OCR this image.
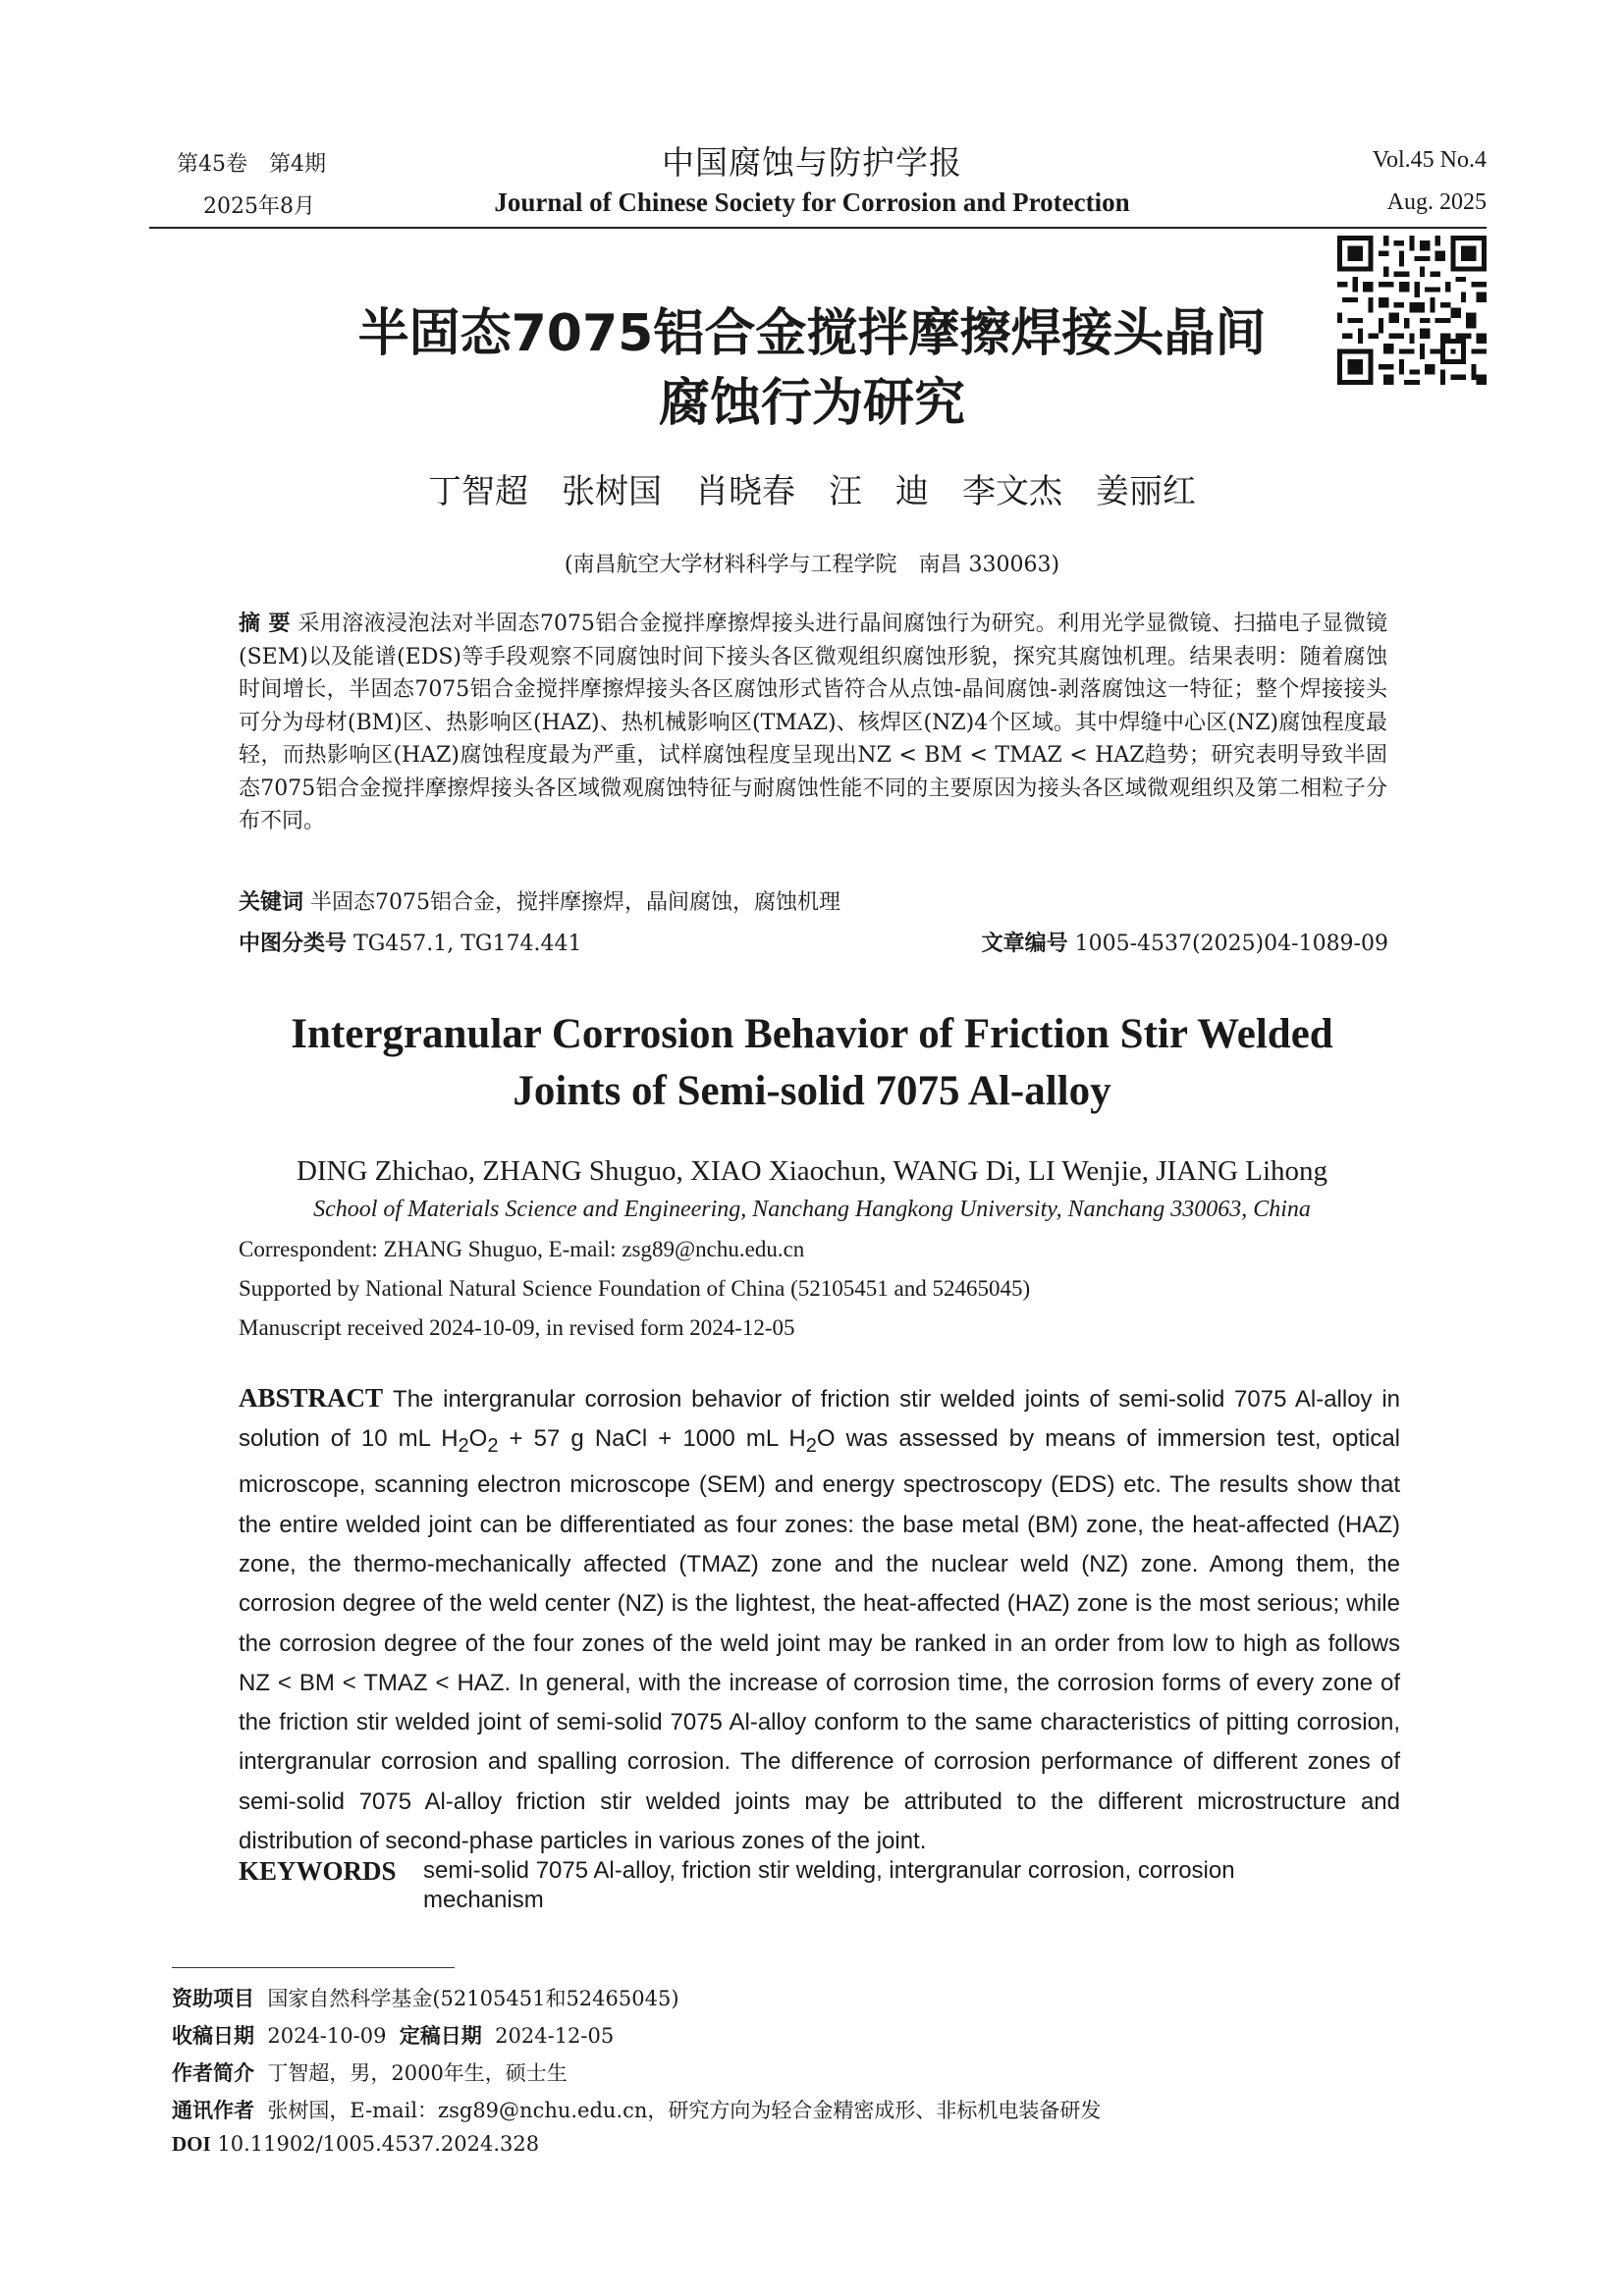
第45卷　第4期
2025年8月
中国腐蚀与防护学报
Journal of Chinese Society for Corrosion and Protection
Vol.45 No.4
Aug. 2025
半固态7075铝合金搅拌摩擦焊接头晶间
腐蚀行为研究
丁智超　张树国　肖晓春　汪　迪　李文杰　姜丽红
(南昌航空大学材料科学与工程学院　南昌 330063)
摘 要 采用溶液浸泡法对半固态7075铝合金搅拌摩擦焊接头进行晶间腐蚀行为研究。利用光学显微镜、扫描电子显微镜(SEM)以及能谱(EDS)等手段观察不同腐蚀时间下接头各区微观组织腐蚀形貌，探究其腐蚀机理。结果表明：随着腐蚀时间增长，半固态7075铝合金搅拌摩擦焊接头各区腐蚀形式皆符合从点蚀-晶间腐蚀-剥落腐蚀这一特征；整个焊接接头可分为母材(BM)区、热影响区(HAZ)、热机械影响区(TMAZ)、核焊区(NZ)4个区域。其中焊缝中心区(NZ)腐蚀程度最轻，而热影响区(HAZ)腐蚀程度最为严重，试样腐蚀程度呈现出NZ < BM < TMAZ < HAZ趋势；研究表明导致半固态7075铝合金搅拌摩擦焊接头各区域微观腐蚀特征与耐腐蚀性能不同的主要原因为接头各区域微观组织及第二相粒子分布不同。
关键词 半固态7075铝合金，搅拌摩擦焊，晶间腐蚀，腐蚀机理
中图分类号 TG457.1, TG174.441	文章编号 1005-4537(2025)04-1089-09
Intergranular Corrosion Behavior of Friction Stir Welded
Joints of Semi-solid 7075 Al-alloy
DING Zhichao, ZHANG Shuguo, XIAO Xiaochun, WANG Di, LI Wenjie, JIANG Lihong
School of Materials Science and Engineering, Nanchang Hangkong University, Nanchang 330063, China
Correspondent: ZHANG Shuguo, E-mail: zsg89@nchu.edu.cn
Supported by National Natural Science Foundation of China (52105451 and 52465045)
Manuscript received 2024-10-09, in revised form 2024-12-05
ABSTRACT The intergranular corrosion behavior of friction stir welded joints of semi-solid 7075 Al-alloy in solution of 10 mL $H_2O_2 + 57$ g NaCl + 1000 mL $H_2O$ was assessed by means of immersion test, optical microscope, scanning electron microscope (SEM) and energy spectroscopy (EDS) etc. The results show that the entire welded joint can be differentiated as four zones: the base metal (BM) zone, the heat-affected (HAZ) zone, the thermo-mechanically affected (TMAZ) zone and the nuclear weld (NZ) zone. Among them, the corrosion degree of the weld center (NZ) is the lightest, the heat-affected (HAZ) zone is the most serious; while the corrosion degree of the four zones of the weld joint may be ranked in an order from low to high as follows NZ < BM < TMAZ < HAZ. In general, with the increase of corrosion time, the corrosion forms of every zone of the friction stir welded joint of semi-solid 7075 Al-alloy conform to the same characteristics of pitting corrosion, intergranular corrosion and spalling corrosion. The difference of corrosion performance of different zones of semi-solid 7075 Al-alloy friction stir welded joints may be attributed to the different microstructure and distribution of second-phase particles in various zones of the joint.
KEYWORDS semi-solid 7075 Al-alloy, friction stir welding, intergranular corrosion, corrosion mechanism
资助项目 国家自然科学基金(52105451和52465045)
收稿日期 2024-10-09 定稿日期 2024-12-05
作者简介 丁智超，男，2000年生，硕士生
通讯作者 张树国，E-mail：zsg89@nchu.edu.cn，研究方向为轻合金精密成形、非标机电装备研发
DOI 10.11902/1005.4537.2024.328
